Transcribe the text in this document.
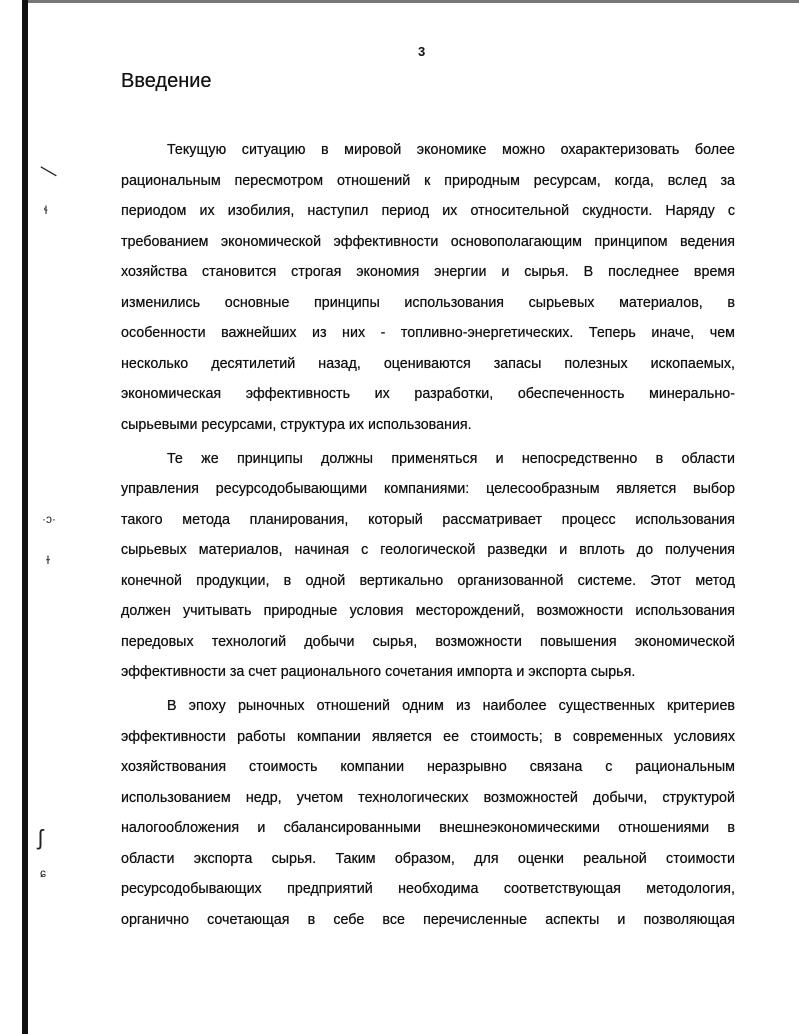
—
ɬ
·ɔ·
ɫ
ʃ
ɕ
3
Введение
Текущую ситуацию в мировой экономике можно охарактеризовать более
рациональным пересмотром отношений к природным ресурсам, когда, вслед за
периодом их изобилия, наступил период их относительной скудности. Наряду с
требованием экономической эффективности основополагающим принципом ведения
хозяйства становится строгая экономия энергии и сырья. В последнее время
изменились основные принципы использования сырьевых материалов, в
особенности важнейших из них - топливно-энергетических. Теперь иначе, чем
несколько десятилетий назад, оцениваются запасы полезных ископаемых,
экономическая эффективность их разработки, обеспеченность минерально-
сырьевыми ресурсами, структура их использования.
Те же принципы должны применяться и непосредственно в области
управления ресурсодобывающими компаниями: целесообразным является выбор
такого метода планирования, который рассматривает процесс использования
сырьевых материалов, начиная с геологической разведки и вплоть до получения
конечной продукции, в одной вертикально организованной системе. Этот метод
должен учитывать природные условия месторождений, возможности использования
передовых технологий добычи сырья, возможности повышения экономической
эффективности за счет рационального сочетания импорта и экспорта сырья.
В эпоху рыночных отношений одним из наиболее существенных критериев
эффективности работы компании является ее стоимость; в современных условиях
хозяйствования стоимость компании неразрывно связана с рациональным
использованием недр, учетом технологических возможностей добычи, структурой
налогообложения и сбалансированными внешнеэкономическими отношениями в
области экспорта сырья. Таким образом, для оценки реальной стоимости
ресурсодобывающих предприятий необходима соответствующая методология,
органично сочетающая в себе все перечисленные аспекты и позволяющая
